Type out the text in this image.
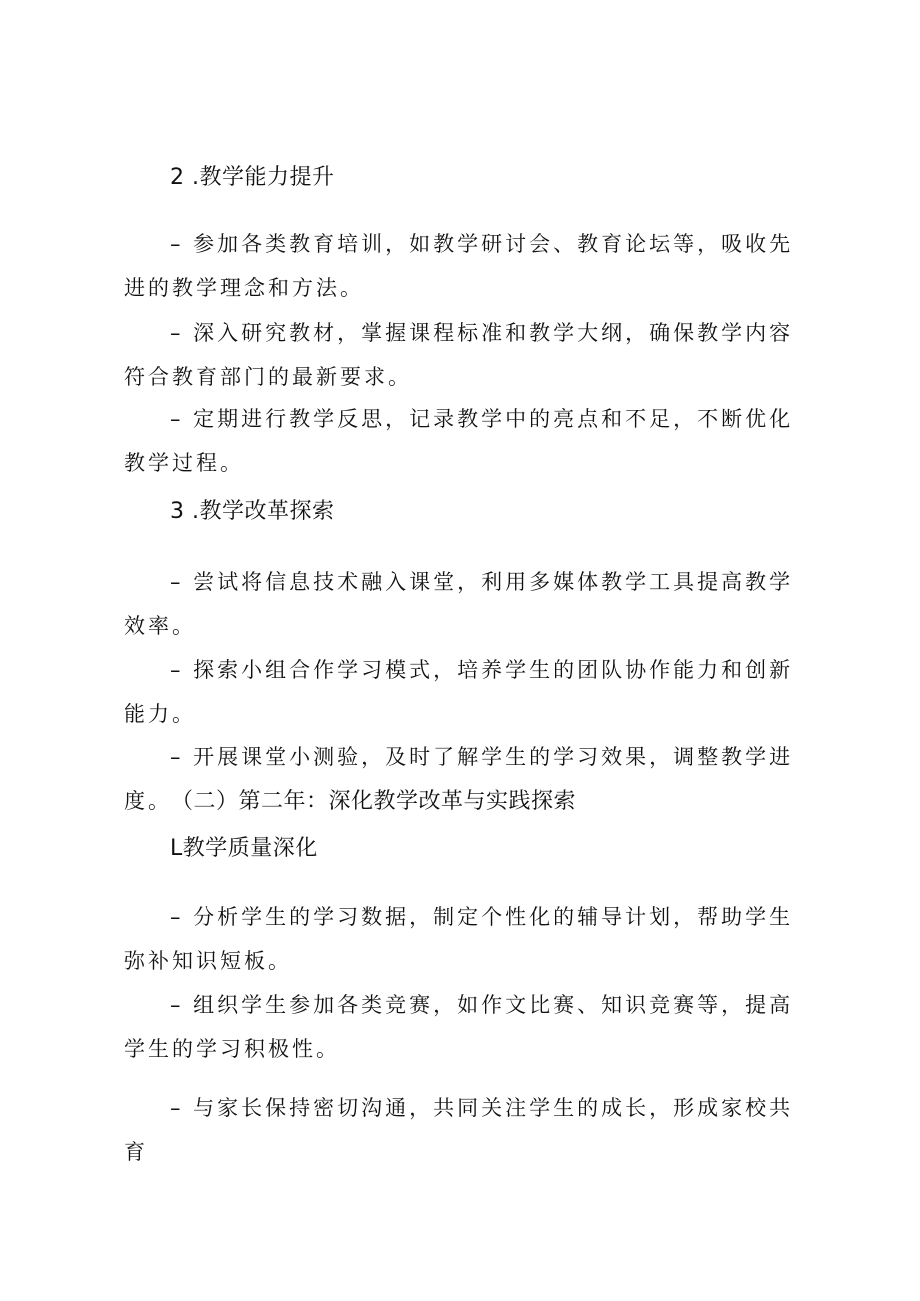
2 .教学能力提升
– 参加各类教育培训，如教学研讨会、教育论坛等，吸收先进的教学理念和方法。
– 深入研究教材，掌握课程标准和教学大纲，确保教学内容符合教育部门的最新要求。
– 定期进行教学反思，记录教学中的亮点和不足，不断优化教学过程。
3 .教学改革探索
– 尝试将信息技术融入课堂，利用多媒体教学工具提高教学效率。
– 探索小组合作学习模式，培养学生的团队协作能力和创新能力。
– 开展课堂小测验，及时了解学生的学习效果，调整教学进度。 （二）第二年：深化教学改革与实践探索
L教学质量深化
– 分析学生的学习数据，制定个性化的辅导计划，帮助学生弥补知识短板。
– 组织学生参加各类竞赛，如作文比赛、知识竞赛等，提高学生的学习积极性。
– 与家长保持密切沟通，共同关注学生的成长，形成家校共育
